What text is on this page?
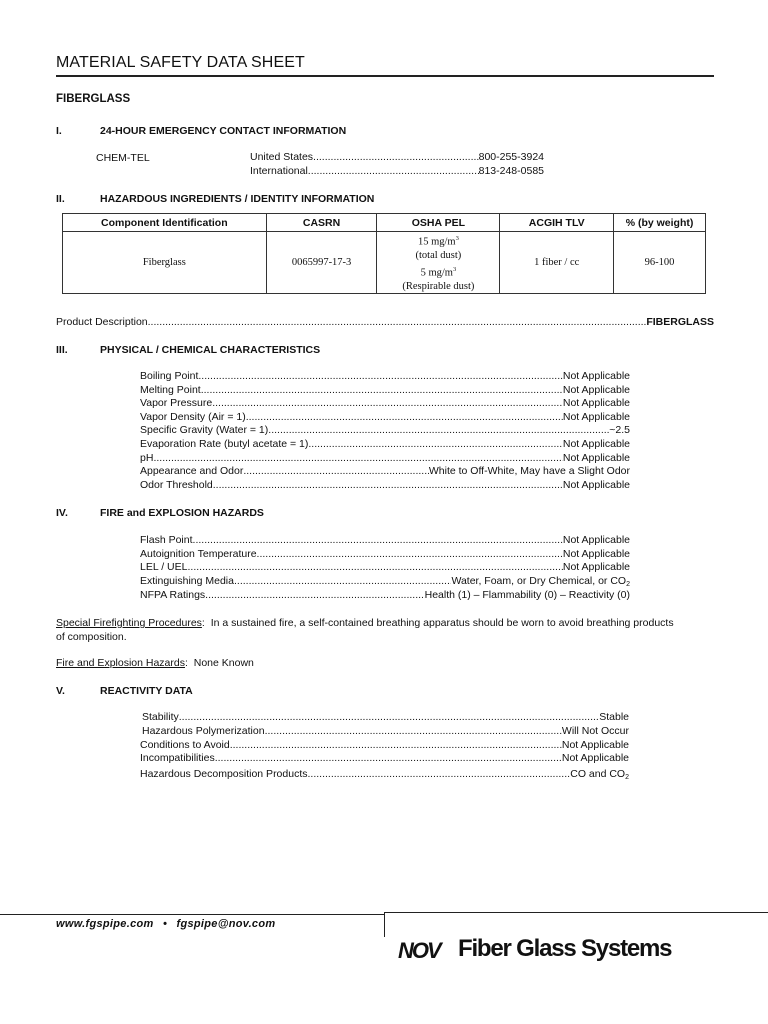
MATERIAL SAFETY DATA SHEET
FIBERGLASS
I.	24-HOUR EMERGENCY CONTACT INFORMATION
CHEM-TEL	United States .....	800-255-3924
International .....	813-248-0585
II.	HAZARDOUS INGREDIENTS / IDENTITY INFORMATION
Component Identification	CASRN	OSHA PEL	ACGIH TLV	% (by weight)
Fiberglass	0065997-17-3	15 $mg/m^3$
(total dust)
5 $mg/m^3$
(Respirable dust)	1 fiber / cc	96-100
Product Description .....	FIBERGLASS
III.	PHYSICAL / CHEMICAL CHARACTERISTICS
Boiling Point .....	Not Applicable
Melting Point .....	Not Applicable
Vapor Pressure .....	Not Applicable
Vapor Density (Air = 1) .....	Not Applicable
Specific Gravity (Water = 1) .....	~2.5
Evaporation Rate (butyl acetate = 1) .....	Not Applicable
pH .....	Not Applicable
Appearance and Odor .....	White to Off-White, May have a Slight Odor
Odor Threshold .....	Not Applicable
IV.	FIRE and EXPLOSION HAZARDS
Flash Point .....	Not Applicable
Autoignition Temperature .....	Not Applicable
LEL / UEL .....	Not Applicable
Extinguishing Media .....	Water, Foam, or Dry Chemical, or $CO_2$
NFPA Ratings .....	Health (1) – Flammability (0) – Reactivity (0)
Special Firefighting Procedures:  In a sustained fire, a self-contained breathing apparatus should be worn to avoid breathing products
of composition.
Fire and Explosion Hazards:  None Known
V.	REACTIVITY DATA
Stability .....	Stable
Hazardous Polymerization .....	Will Not Occur
Conditions to Avoid .....	Not Applicable
Incompatibilities .....	Not Applicable
Hazardous Decomposition Products .....	CO and $CO_2$
www.fgspipe.com • fgspipe@nov.com
NOV Fiber Glass Systems
